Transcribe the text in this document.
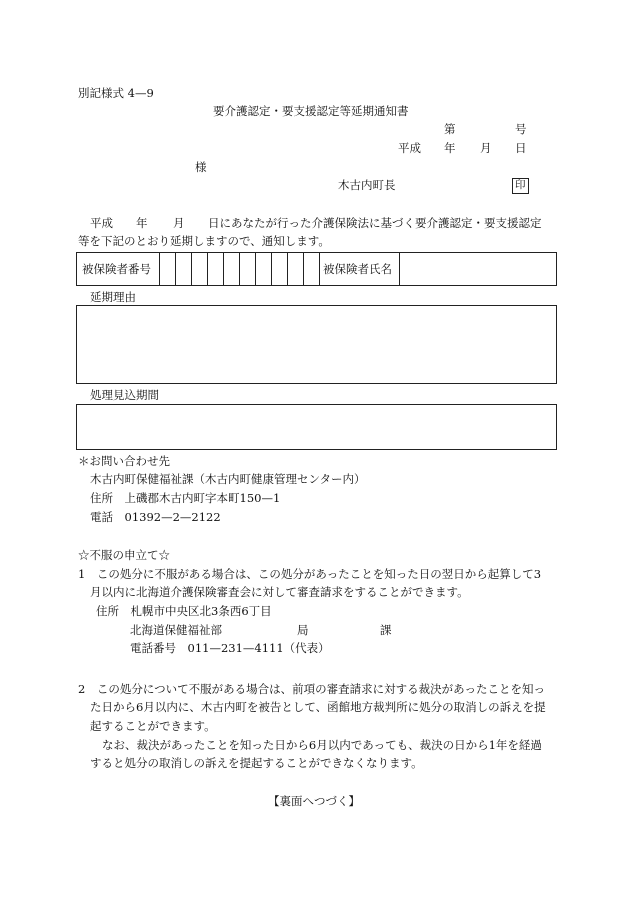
別記様式 4—9
要介護認定・要支援認定等延期通知書
第	号
平成 年 月 日
様
木古内町長	印
平成 年 月 日にあなたが行った介護保険法に基づく要介護認定・要支援認定
等を下記のとおり延期しますので、通知します。
被保険者番号	被保険者氏名
延期理由
処理見込期間
＊お問い合わせ先
木古内町保健福祉課（木古内町健康管理センター内）
住所　上磯郡木古内町字本町150—1
電話　01392—2—2122
☆不服の申立て☆
1　この処分に不服がある場合は、この処分があったことを知った日の翌日から起算して3
月以内に北海道介護保険審査会に対して審査請求をすることができます。
住所　札幌市中央区北3条西6丁目
北海道保健福祉部	局	課
電話番号　011—231—4111（代表）
2　この処分について不服がある場合は、前項の審査請求に対する裁決があったことを知っ
た日から6月以内に、木古内町を被告として、函館地方裁判所に処分の取消しの訴えを提
起することができます。
なお、裁決があったことを知った日から6月以内であっても、裁決の日から1年を経過
すると処分の取消しの訴えを提起することができなくなります。
【裏面へつづく】
